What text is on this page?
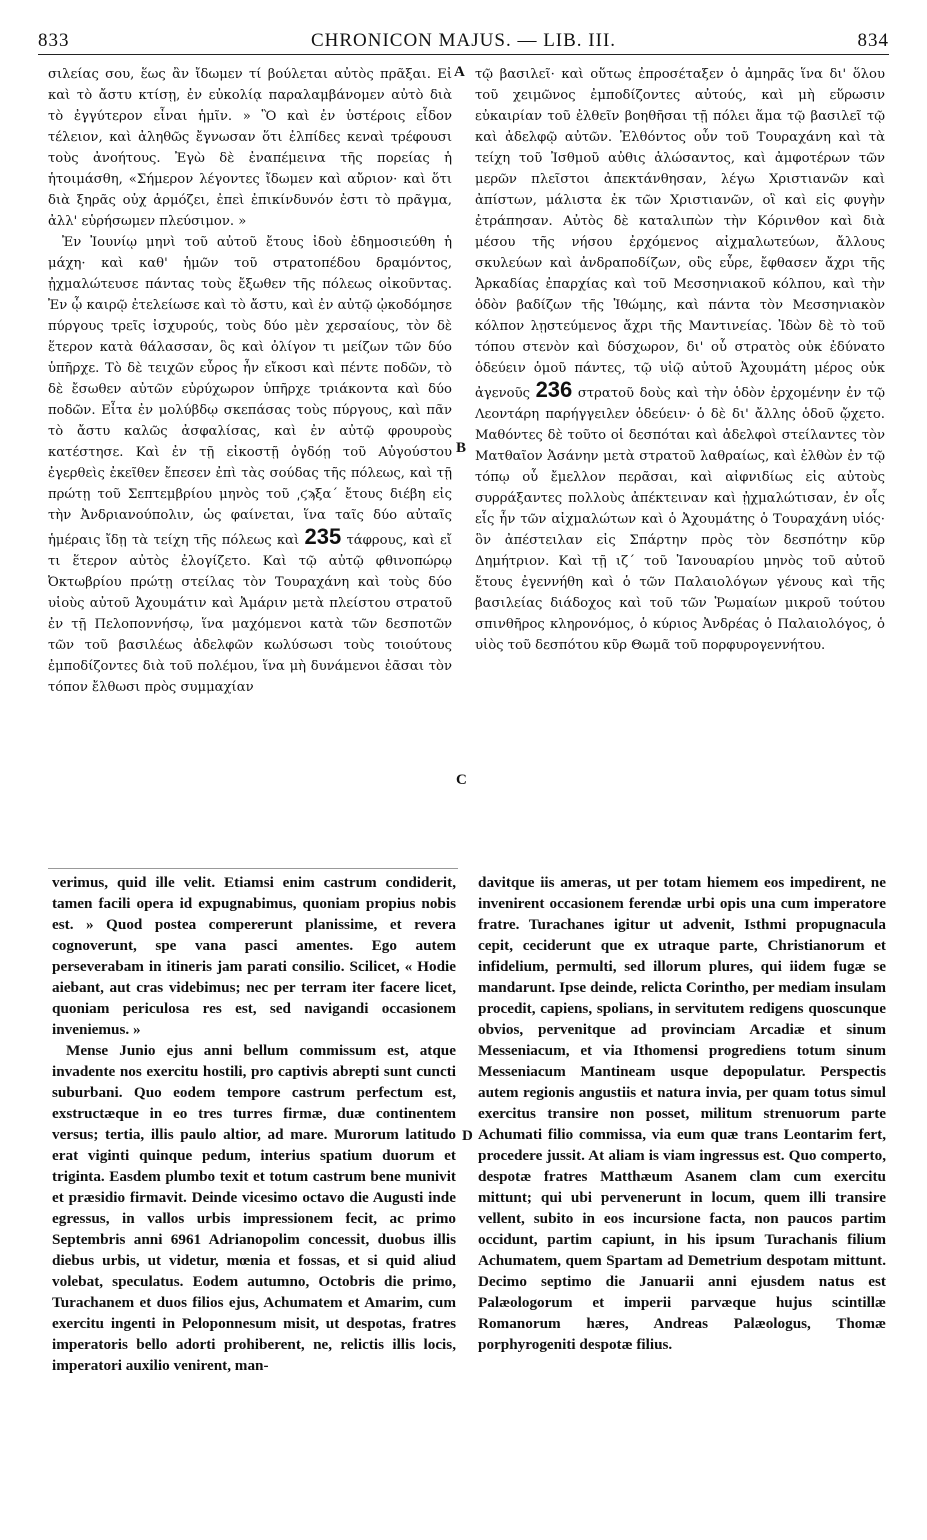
CHRONICON MAJUS. — LIB. III.
833	834
A
B
C
D

σιλείας σου, ἕως ἂν ἴδωμεν τί βούλεται αὐτὸς πρᾶξαι. Εἰ καὶ τὸ ἄστυ κτίσῃ, ἐν εὐκολίᾳ παραλαμβάνομεν αὐτὸ διὰ τὸ ἐγγύτερον εἶναι ἡμῖν. » Ὃ καὶ ἐν ὑστέροις εἶδον τέλειον, καὶ ἀληθῶς ἔγνωσαν ὅτι ἐλπίδες κεναὶ τρέφουσι τοὺς ἀνοήτους. Ἐγὼ δὲ ἐναπέμεινα τῆς πορείας ἡ ἡτοιμάσθη, «Σήμερον λέγοντες ἴδωμεν καὶ αὔριον· καὶ ὅτι διὰ ξηρᾶς οὐχ ἁρμόζει, ἐπεὶ ἐπικίνδυνόν ἐστι τὸ πρᾶγμα, ἀλλ' εὑρήσωμεν πλεύσιμον. »

Ἐν Ἰουνίῳ μηνὶ τοῦ αὐτοῦ ἔτους ἰδοὺ ἐδημοσιεύθη ἡ μάχη· καὶ καθ' ἡμῶν τοῦ στρατοπέδου δραμόντος, ᾐχμαλώτευσε πάντας τοὺς ἔξωθεν τῆς πόλεως οἰκοῦντας. Ἐν ᾧ καιρῷ ἐτελείωσε καὶ τὸ ἄστυ, καὶ ἐν αὐτῷ ᾠκοδόμησε πύργους τρεῖς ἰσχυρούς, τοὺς δύο μὲν χερσαίους, τὸν δὲ ἕτερον κατὰ θάλασσαν, ὃς καὶ ὀλίγον τι μείζων τῶν δύο ὑπῆρχε. Τὸ δὲ τειχῶν εὖρος ἦν εἴκοσι καὶ πέντε ποδῶν, τὸ δὲ ἔσωθεν αὐτῶν εὐρύχωρον ὑπῆρχε τριάκοντα καὶ δύο ποδῶν. Εἶτα ἐν μολύβδῳ σκεπάσας τοὺς πύργους, καὶ πᾶν τὸ ἄστυ καλῶς ἀσφαλίσας, καὶ ἐν αὐτῷ φρουροὺς κατέστησε. Καὶ ἐν τῇ εἰκοστῇ ὀγδόῃ τοῦ Αὐγούστου ἐγερθεὶς ἐκεῖθεν ἔπεσεν ἐπὶ τὰς σούδας τῆς πόλεως, καὶ τῇ πρώτῃ τοῦ Σεπτεμβρίου μηνὸς τοῦ ͵ϛϡξα´ ἔτους διέβη εἰς τὴν Ἀνδριανούπολιν, ὡς φαίνεται, ἵνα ταῖς δύο αὐταῖς ἡμέραις ἴδῃ τὰ τείχη τῆς πόλεως καὶ 235 τάφρους, καὶ εἴ τι ἕτερον αὐτὸς ἐλογίζετο. Καὶ τῷ αὐτῷ φθινοπώρῳ Ὀκτωβρίου πρώτῃ στείλας τὸν Τουραχάνη καὶ τοὺς δύο υἱοὺς αὐτοῦ Ἀχουμάτιν καὶ Ἀμάριν μετὰ πλείστου στρατοῦ ἐν τῇ Πελοποννήσῳ, ἵνα μαχόμενοι κατὰ τῶν δεσποτῶν τῶν τοῦ βασιλέως ἀδελφῶν κωλύσωσι τοὺς τοιούτους ἐμποδίζοντες διὰ τοῦ πολέμου, ἵνα μὴ δυνάμενοι ἐᾶσαι τὸν τόπον ἔλθωσι πρὸς συμμαχίαν

τῷ βασιλεῖ· καὶ οὕτως ἐπροσέταξεν ὁ ἀμηρᾶς ἵνα δι' ὅλου τοῦ χειμῶνος ἐμποδίζοντες αὐτούς, καὶ μὴ εὕρωσιν εὐκαιρίαν τοῦ ἐλθεῖν βοηθῆσαι τῇ πόλει ἅμα τῷ βασιλεῖ τῷ καὶ ἀδελφῷ αὐτῶν. Ἐλθόντος οὖν τοῦ Τουραχάνη καὶ τὰ τείχη τοῦ Ἰσθμοῦ αὐθις ἁλώσαντος, καὶ ἀμφοτέρων τῶν μερῶν πλεῖστοι ἀπεκτάνθησαν, λέγω Χριστιανῶν καὶ ἀπίστων, μάλιστα ἐκ τῶν Χριστιανῶν, οἳ καὶ εἰς φυγὴν ἐτράπησαν. Αὐτὸς δὲ καταλιπὼν τὴν Κόρινθον καὶ διὰ μέσου τῆς νήσου ἐρχόμενος αἰχμαλωτεύων, ἄλλους σκυλεύων καὶ ἀνδραποδίζων, οὓς εὗρε, ἔφθασεν ἄχρι τῆς Ἀρκαδίας ἐπαρχίας καὶ τοῦ Μεσσηνιακοῦ κόλπου, καὶ τὴν ὁδὸν βαδίζων τῆς Ἰθώμης, καὶ πάντα τὸν Μεσσηνιακὸν κόλπον λῃστεύμενος ἄχρι τῆς Μαντινείας. Ἰδὼν δὲ τὸ τοῦ τόπου στενὸν καὶ δύσχωρον, δι' οὗ στρατὸς οὐκ ἐδύνατο ὁδεύειν ὁμοῦ πάντες, τῷ υἱῷ αὐτοῦ Ἀχουμάτη μέρος οὐκ ἀγενοῦς 236 στρατοῦ δοὺς καὶ τὴν ὁδὸν ἐρχομένην ἐν τῷ Λεοντάρη παρήγγειλεν ὁδεύειν· ὁ δὲ δι' ἄλλης ὁδοῦ ᾤχετο. Μαθόντες δὲ τοῦτο οἱ δεσπόται καὶ ἀδελφοὶ στείλαντες τὸν Ματθαῖον Ἀσάνην μετὰ στρατοῦ λαθραίως, καὶ ἐλθὼν ἐν τῷ τόπῳ οὗ ἔμελλον περᾶσαι, καὶ αἰφνιδίως εἰς αὐτοὺς συρράξαντες πολλοὺς ἀπέκτειναν καὶ ᾐχμαλώτισαν, ἐν οἷς εἷς ἦν τῶν αἰχμαλώτων καὶ ὁ Ἀχουμάτης ὁ Τουραχάνη υἱός· ὃν ἀπέστειλαν εἰς Σπάρτην πρὸς τὸν δεσπότην κῦρ Δημήτριον. Καὶ τῇ ιζ´ τοῦ Ἰανουαρίου μηνὸς τοῦ αὐτοῦ ἔτους ἐγεννήθη καὶ ὁ τῶν Παλαιολόγων γένους καὶ τῆς βασιλείας διάδοχος καὶ τοῦ τῶν Ῥωμαίων μικροῦ τούτου σπινθῆρος κληρονόμος, ὁ κύριος Ἀνδρέας ὁ Παλαιολόγος, ὁ υἱὸς τοῦ δεσπότου κῦρ Θωμᾶ τοῦ πορφυρογεννήτου.

verimus, quid ille velit. Etiamsi enim castrum condiderit, tamen facili opera id expugnabimus, quoniam propius nobis est. » Quod postea compererunt planissime, et revera cognoverunt, spe vana pasci amentes. Ego autem perseverabam in itineris jam parati consilio. Scilicet, « Hodie aiebant, aut cras videbimus; nec per terram iter facere licet, quoniam periculosa res est, sed navigandi occasionem inveniemus. »

Mense Junio ejus anni bellum commissum est, atque invadente nos exercitu hostili, pro captivis abrepti sunt cuncti suburbani. Quo eodem tempore castrum perfectum est, exstructæque in eo tres turres firmæ, duæ continentem versus; tertia, illis paulo altior, ad mare. Murorum latitudo erat viginti quinque pedum, interius spatium duorum et triginta. Easdem plumbo texit et totum castrum bene munivit et præsidio firmavit. Deinde vicesimo octavo die Augusti inde egressus, in vallos urbis impressionem fecit, ac primo Septembris anni 6961 Adrianopolim concessit, duobus illis diebus urbis, ut videtur, mœnia et fossas, et si quid aliud volebat, speculatus. Eodem autumno, Octobris die primo, Turachanem et duos filios ejus, Achumatem et Amarim, cum exercitu ingenti in Peloponnesum misit, ut despotas, fratres imperatoris bello adorti prohiberent, ne, relictis illis locis, imperatori auxilio venirent, man-

davitque iis ameras, ut per totam hiemem eos impedirent, ne invenirent occasionem ferendæ urbi opis una cum imperatore fratre. Turachanes igitur ut advenit, Isthmi propugnacula cepit, ceciderunt que ex utraque parte, Christianorum et infidelium, permulti, sed illorum plures, qui iidem fugæ se mandarunt. Ipse deinde, relicta Corintho, per mediam insulam procedit, capiens, spolians, in servitutem redigens quoscunque obvios, pervenitque ad provinciam Arcadiæ et sinum Messeniacum, et via Ithomensi progrediens totum sinum Messeniacum Mantineam usque depopulatur. Perspectis autem regionis angustiis et natura invia, per quam totus simul exercitus transire non posset, militum strenuorum parte Achumati filio commissa, via eum quæ trans Leontarim fert, procedere jussit. At aliam is viam ingressus est. Quo comperto, despotæ fratres Matthæum Asanem clam cum exercitu mittunt; qui ubi pervenerunt in locum, quem illi transire vellent, subito in eos incursione facta, non paucos partim occidunt, partim capiunt, in his ipsum Turachanis filium Achumatem, quem Spartam ad Demetrium despotam mittunt. Decimo septimo die Januarii anni ejusdem natus est Palæologorum et imperii parvæque hujus scintillæ Romanorum hæres, Andreas Palæologus, Thomæ porphyrogeniti despotæ filius.
